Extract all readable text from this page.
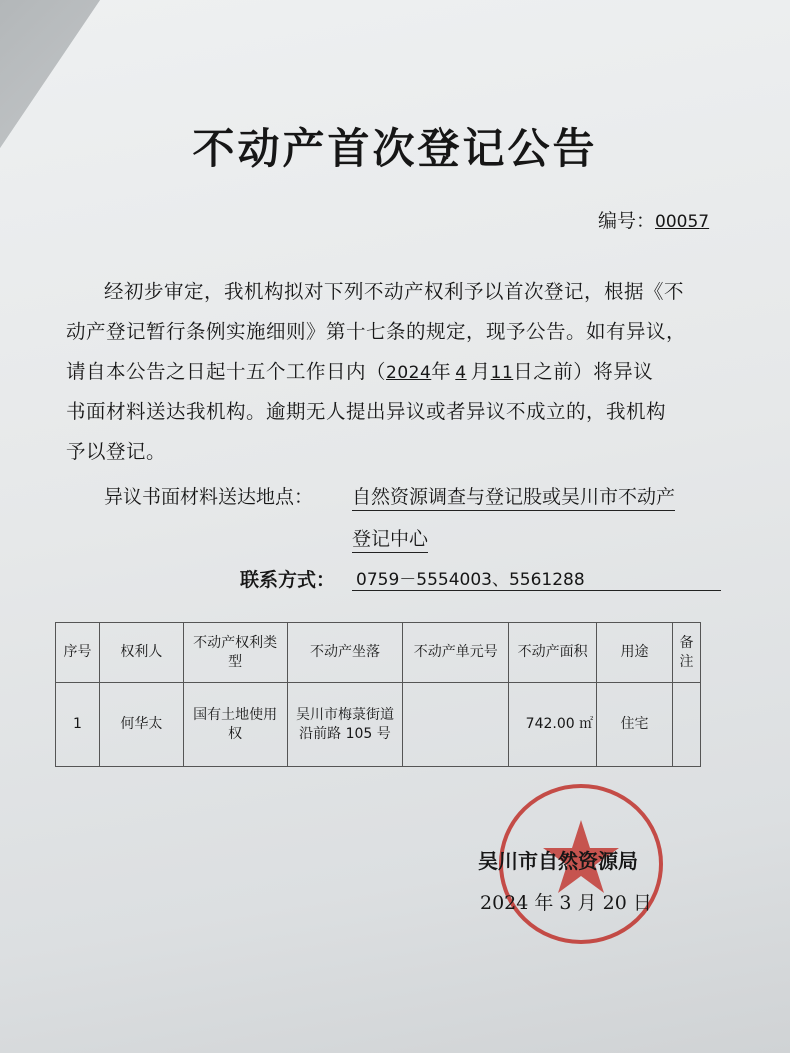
不动产首次登记公告
编号：00057
经初步审定，我机构拟对下列不动产权利予以首次登记，根据《不
动产登记暂行条例实施细则》第十七条的规定，现予公告。如有异议，
请自本公告之日起十五个工作日内（2024年 4 月11日之前）将异议
书面材料送达我机构。逾期无人提出异议或者异议不成立的，我机构
予以登记。
异议书面材料送达地点： 自然资源调查与登记股或吴川市不动产
登记中心
联系方式： 0759－5554003、5561288
序号	权利人	不动产权利类型	不动产坐落	不动产单元号	不动产面积	用途	备注
1	何华太	国有土地使用权	吴川市梅菉街道沿前路 105 号		742.00 ㎡	住宅	
吴川市自然资源局
2024 年 3 月 20 日
